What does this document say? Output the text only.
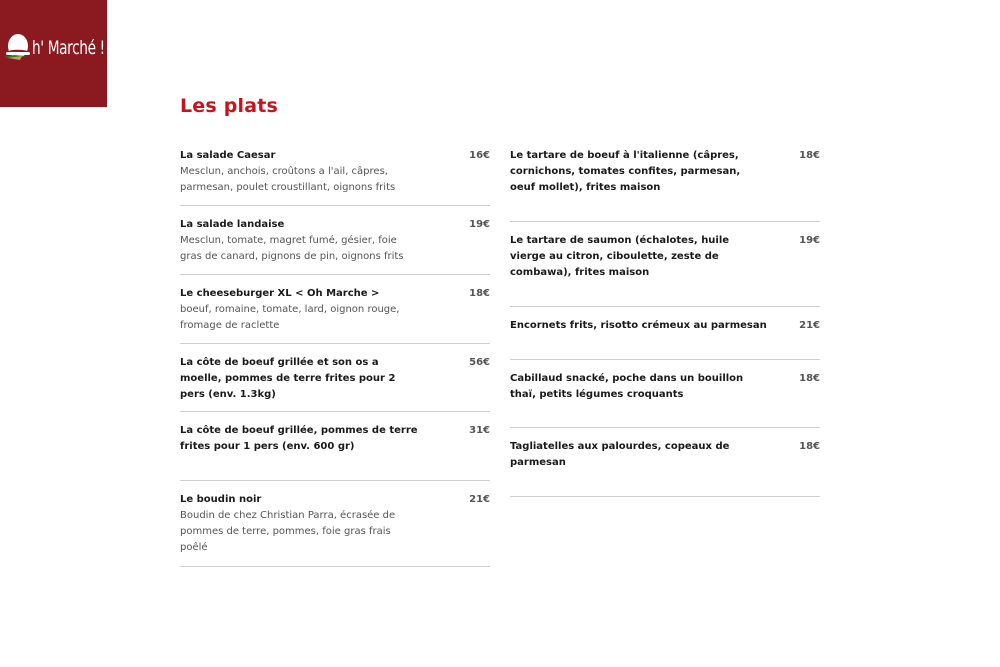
h' Marché !
Les plats
La salade Caesar
Mesclun, anchois, croûtons a l'ail, câpres, parmesan, poulet croustillant, oignons frits
16€
La salade landaise
Mesclun, tomate, magret fumé, gésier, foie gras de canard, pignons de pin, oignons frits
19€
Le cheeseburger XL < Oh Marche >
boeuf, romaine, tomate, lard, oignon rouge, fromage de raclette
18€
La côte de boeuf grillée et son os a moelle, pommes de terre frites pour 2 pers (env. 1.3kg)
56€
La côte de boeuf grillée, pommes de terre frites pour 1 pers (env. 600 gr)
31€
Le boudin noir
Boudin de chez Christian Parra, écrasée de pommes de terre, pommes, foie gras frais poêlé
21€
Le tartare de boeuf à l'italienne (câpres, cornichons, tomates confites, parmesan, oeuf mollet), frites maison
18€
Le tartare de saumon (échalotes, huile vierge au citron, ciboulette, zeste de combawa), frites maison
19€
Encornets frits, risotto crémeux au parmesan	21€
Cabillaud snacké, poche dans un bouillon thaï, petits légumes croquants
18€
Tagliatelles aux palourdes, copeaux de parmesan
18€
